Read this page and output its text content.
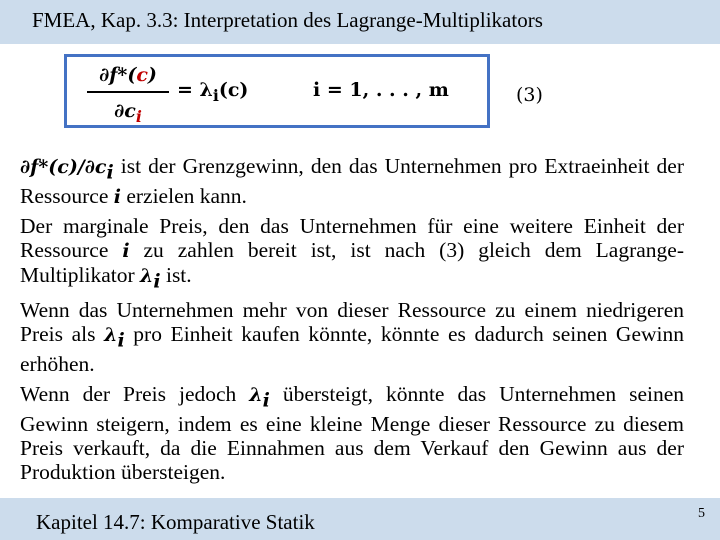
FMEA, Kap. 3.3: Interpretation des Lagrange-Multiplikators
∂f*(c)
$\partial c_i$
= $\lambda_i(c)$	i = 1, . . . , m	(3)
$\partial f*(c)/\partial c_i$ ist der Grenzgewinn, den das Unternehmen pro Extraeinheit der Ressource i erzielen kann.
Der marginale Preis, den das Unternehmen für eine weitere Einheit der Ressource i zu zahlen bereit ist, ist nach (3) gleich dem Lagrange-Multiplikator $\lambda_i$ ist.
Wenn das Unternehmen mehr von dieser Ressource zu einem niedrigeren Preis als $\lambda_i$ pro Einheit kaufen könnte, könnte es dadurch seinen Gewinn erhöhen.
Wenn der Preis jedoch $\lambda_i$ übersteigt, könnte das Unternehmen seinen Gewinn steigern, indem es eine kleine Menge dieser Ressource zu diesem Preis verkauft, da die Einnahmen aus dem Verkauf den Gewinn aus der Produktion übersteigen.
Kapitel 14.7: Komparative Statik	5
